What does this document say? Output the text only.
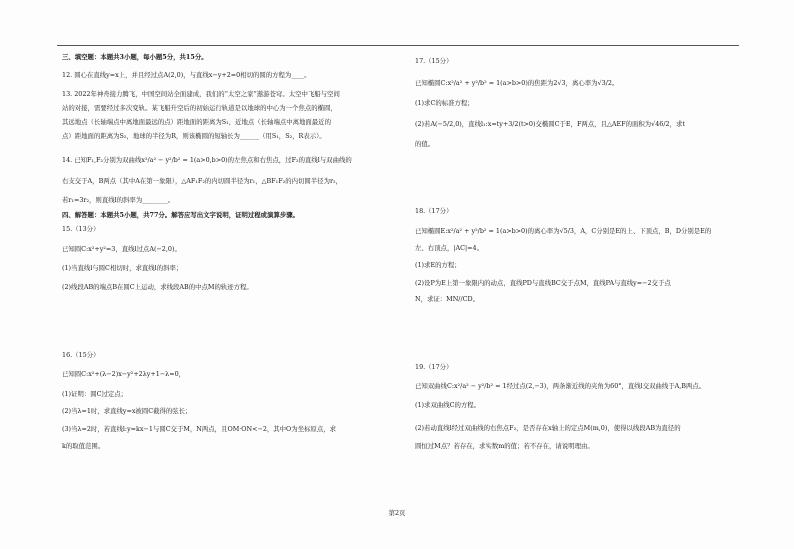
三、填空题：本题共3小题，每小题5分，共15分。
12. 圆心在直线y=x上，并且经过点A(2,0)，与直线x−y+2=0相切的圆的方程为____。
13. 2022年神舟接力腾飞，中国空间站全面建成，我们的“太空之家”遨游苍穹。太空中飞船与空间
站的对接，需要经过多次变轨。某飞船升空后的初始运行轨道是以地球的中心为一个焦点的椭圆，
其远地点（长轴端点中离地面最远的点）距地面的距离为S₁，近地点（长轴端点中离地面最近的
点）距地面的距离为S₂，地球的半径为R，则该椭圆的短轴长为______（用S₁，S₂，R表示）。
14. 已知F₁,F₂分别为双曲线x²/a² − y²/b² = 1(a>0,b>0)的左焦点和右焦点，过F₂的直线l与双曲线的
右支交于A，B两点（其中A在第一象限），△AF₁F₂的内切圆半径为r₁，△BF₁F₂的内切圆半径为r₂，
若r₁=3r₂，则直线l的斜率为________。
四、解答题：本题共5小题，共77分。解答应写出文字说明，证明过程或演算步骤。
15.（13分）
已知圆C:x²+y²=3，直线l过点A(−2,0)。
(1)当直线l与圆C相切时，求直线l的斜率；
(2)线段AB的端点B在圆C上运动，求线段AB的中点M的轨迹方程。
16.（15分）
已知圆C:x²+(λ−2)x−y²+2λy+1−λ=0，
(1)证明：圆C过定点；
(2)当λ=1时，求直线y=x被圆C截得的弦长；
(3)当λ=2时，若直线l:y=kx−1与圆C交于M，N两点，且OM·ON<−2，其中O为坐标原点，求
k的取值范围。
17.（15分）
已知椭圆C:x²/a² + y²/b² = 1(a>b>0)的焦距为2√3，离心率为√3/2。
(1)求C的标准方程；
(2)若A(−5/2,0)，直线l₁:x=ty+3/2(t>0)交椭圆C于E，F两点，且△AEF的面积为√46/2，求t
的值。
18.（17分）
已知椭圆E:x²/a² + y²/b² = 1(a>b>0)的离心率为√5/3，A，C分别是E的上、下顶点，B，D分别是E的
左、右顶点，|AC|=4。
(1)求E的方程；
(2)设P为E上第一象限内的动点，直线PD与直线BC交于点M，直线PA与直线y=−2交于点
N，求证：MN//CD。
19.（17分）
已知双曲线C:x²/a² − y²/b² = 1经过点(2,−3)，两条渐近线的夹角为60°，直线l交双曲线于A,B两点。
(1)求双曲线C的方程。
(2)若动直线l经过双曲线的右焦点F₂，是否存在x轴上的定点M(m,0)，使得以线段AB为直径的
圆恒过M点？若存在，求实数m的值；若不存在，请说明理由。
第2页
